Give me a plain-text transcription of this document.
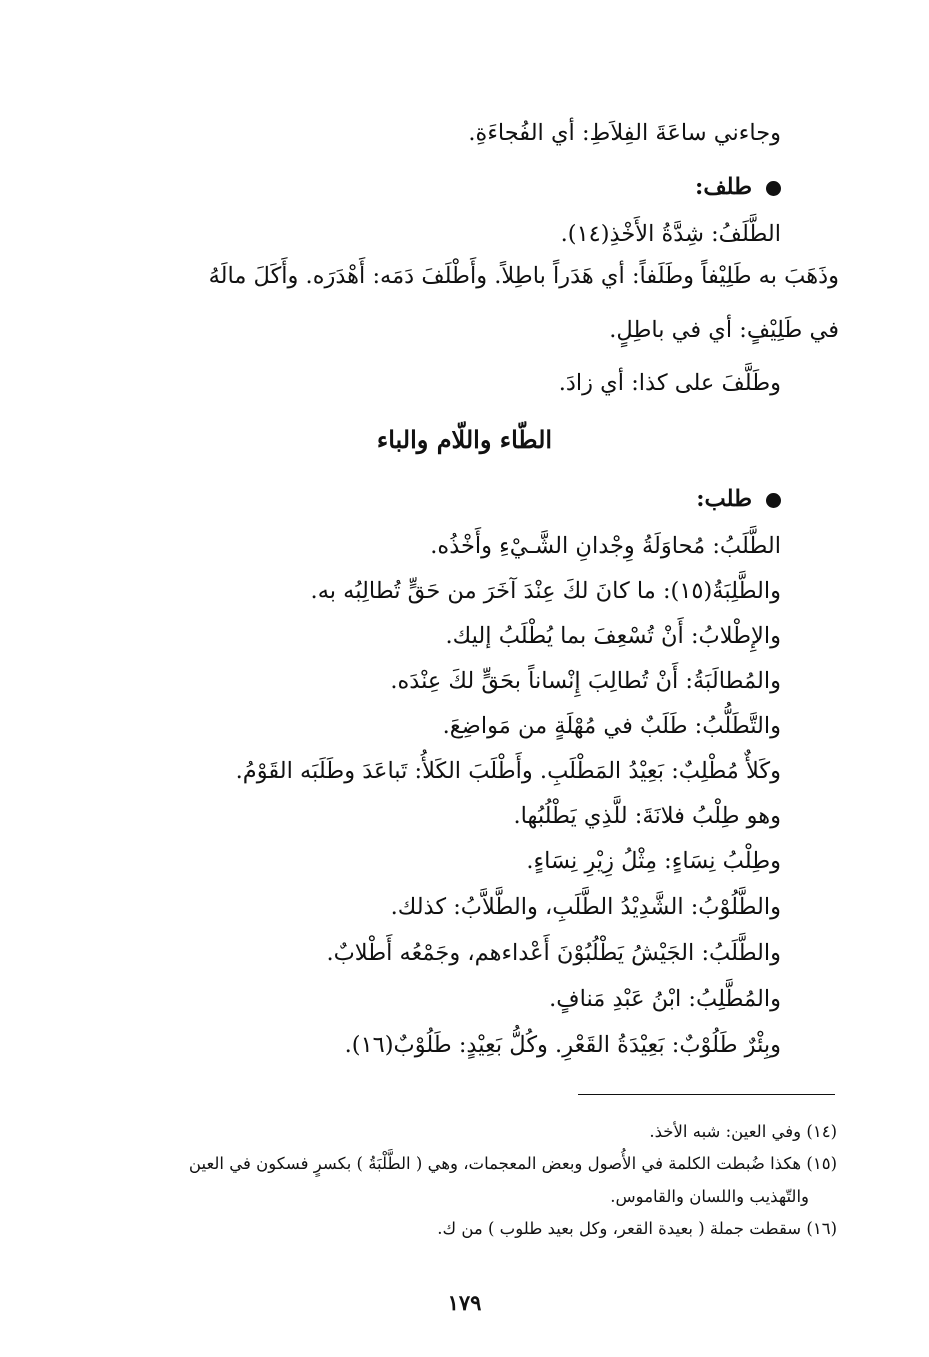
وجاءني ساعَةَ الفِلاَطِ: أي الفُجاءَةِ.
طلف:
الطَّلَفُ: شِدَّةُ الأَخْذِ(١٤).
وذَهَبَ به طَلِيْفاً وطَلَفاً: أي هَدَراً باطِلاً. وأَطْلَفَ دَمَه: أَهْدَرَه. وأَكَلَ مالَهُ
في طَلِيْفٍ: أي في باطِلٍ.
وطَلَّفَ على كذا: أي زادَ.
الطّاء واللّام والباء
طلب:
الطَّلَبُ: مُحاوَلَةُ وِجْدانِ الشَّـيْءِ وأَخْذُه.
والطَّلِبَةُ(١٥): ما كانَ لكَ عِنْدَ آخَرَ من حَقٍّ تُطالِبُه به.
والإِطْلابُ: أَنْ تُسْعِفَ بما يُطْلَبُ إليك.
والمُطالَبَةُ: أَنْ تُطالِبَ إِنْساناً بحَقٍّ لكَ عِنْدَه.
والتَّطَلُّبُ: طَلَبٌ في مُهْلَةٍ من مَواضِعَ.
وكَلأٌ مُطْلِبٌ: بَعِيْدُ المَطْلَبِ. وأَطْلَبَ الكَلأُ: تَباعَدَ وطَلَبَه القَوْمُ.
وهو طِلْبُ فلانَةَ: للَّذِي يَطْلُبُها.
وطِلْبُ نِسَاءٍ: مِثْلُ زِيْرِ نِسَاءٍ.
والطَّلُوْبُ: الشَّدِيْدُ الطَّلَبِ، والطَّلاَّبُ: كذلك.
والطَّلَبُ: الجَيْشُ يَطْلُبُوْنَ أَعْداءهم، وجَمْعُه أَطْلابٌ.
والمُطَّلِبُ: ابْنُ عَبْدِ مَنافٍ.
وبِئْرٌ طَلُوْبٌ: بَعِيْدَةُ القَعْرِ. وكُلُّ بَعِيْدٍ: طَلُوْبٌ(١٦).
(١٤) وفي العين: شبه الأخذ.
(١٥) هكذا ضُبطت الكلمة في الأُصول وبعض المعجمات، وهي ( الطَّلْبَةُ ) بكسرٍ فسكون في العين
والتّهذيب واللسان والقاموس.
(١٦) سقطت جملة ( بعيدة القعر، وكل بعيد طلوب ) من ك.
١٧٩
